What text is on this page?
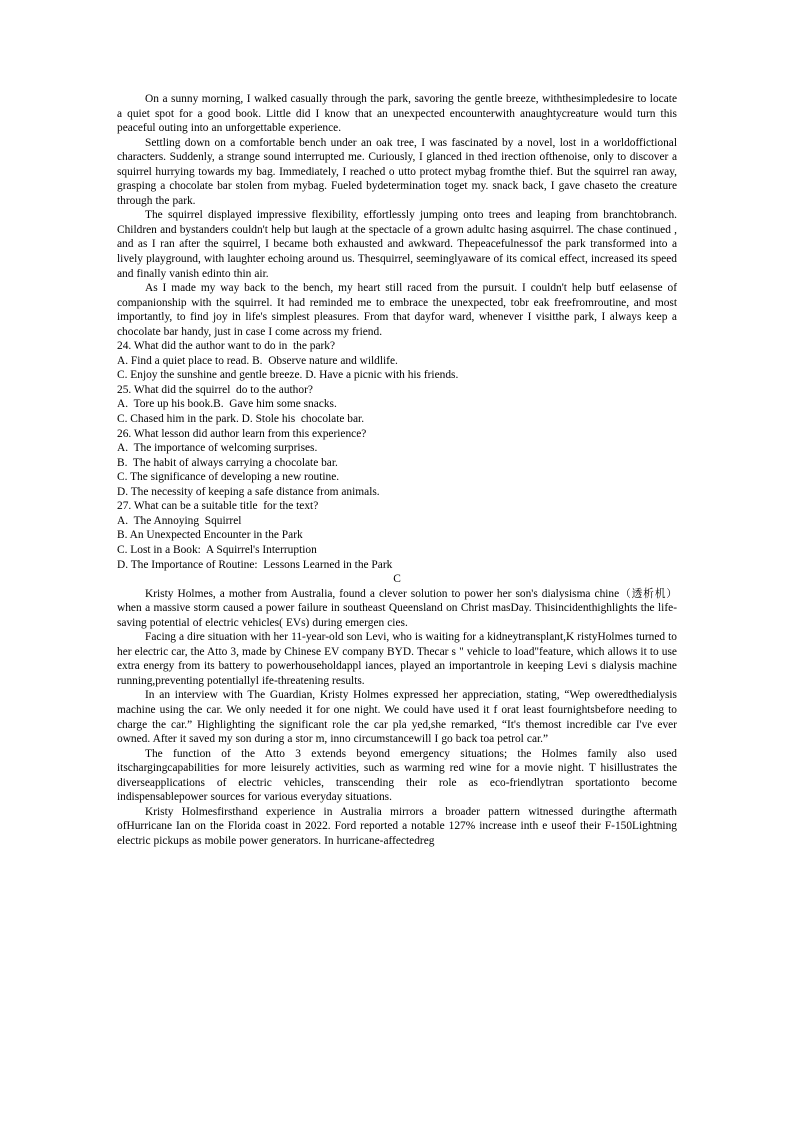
On a sunny morning, I walked casually through the park, savoring the gentle breeze, withthesimpledesire to locate a quiet spot for a good book. Little did I know that an unexpected encounterwith anaughtycreature would turn this peaceful outing into an unforgettable experience.

Settling down on a comfortable bench under an oak tree, I was fascinated by a novel, lost in a worldoffictional characters. Suddenly, a strange sound interrupted me. Curiously, I glanced in thed irection ofthenoise, only to discover a squirrel hurrying towards my bag. Immediately, I reached o utto protect mybag fromthe thief. But the squirrel ran away, grasping a chocolate bar stolen from mybag. Fueled bydetermination toget my. snack back, I gave chaseto the creature through the park.

The squirrel displayed impressive flexibility, effortlessly jumping onto trees and leaping from branchtobranch. Children and bystanders couldn't help but laugh at the spectacle of a grown adultc hasing asquirrel. The chase continued , and as I ran after the squirrel, I became both exhausted and awkward. Thepeacefulnessof the park transformed into a lively playground, with laughter echoing around us. Thesquirrel, seeminglyaware of its comical effect, increased its speed and finally vanish edinto thin air.

As I made my way back to the bench, my heart still raced from the pursuit. I couldn't help butf eelasense of companionship with the squirrel. It had reminded me to embrace the unexpected, tobr eak freefromroutine, and most importantly, to find joy in life's simplest pleasures. From that dayfor ward, whenever I visitthe park, I always keep a chocolate bar handy, just in case I come across my friend.

24. What did the author want to do in  the park?

A. Find a quiet place to read. B.  Observe nature and wildlife.

C. Enjoy the sunshine and gentle breeze. D. Have a picnic with his friends.

25. What did the squirrel  do to the author?

A.  Tore up his book.B.  Gave him some snacks.

C. Chased him in the park. D. Stole his  chocolate bar.

26. What lesson did author learn from this experience?

A.  The importance of welcoming surprises.

B.  The habit of always carrying a chocolate bar.

C. The significance of developing a new routine.

D. The necessity of keeping a safe distance from animals.

27. What can be a suitable title  for the text?

A.  The Annoying  Squirrel

B. An Unexpected Encounter in the Park

C. Lost in a Book:  A Squirrel's Interruption

D. The Importance of Routine:  Lessons Learned in the Park

C

Kristy Holmes, a mother from Australia, found a clever solution to power her son's dialysisma chine（透析机） when a massive storm caused a power failure in southeast Queensland on Christ masDay. Thisincidenthighlights the life-saving potential of electric vehicles( EVs) during emergen cies.

Facing a dire situation with her 11-year-old son Levi, who is waiting for a kidneytransplant,K ristyHolmes turned to her electric car, the Atto 3, made by Chinese EV company BYD. Thecar s " vehicle to load"feature, which allows it to use extra energy from its battery to powerhouseholdappl iances, played an importantrole in keeping Levi s dialysis machine running,preventing potentiallyl ife-threatening results.

In an interview with The Guardian, Kristy Holmes expressed her appreciation, stating, “Wep oweredthedialysis machine using the car. We only needed it for one night. We could have used it f orat least fournightsbefore needing to charge the car.” Highlighting the significant role the car pla yed,she remarked, “It's themost incredible car I've ever owned. After it saved my son during a stor m, inno circumstancewill I go back toa petrol car.”

The function of the Atto 3 extends beyond emergency situations; the Holmes family also used itschargingcapabilities for more leisurely activities, such as warming red wine for a movie night. T hisillustrates the diverseapplications of electric vehicles, transcending their role as eco-friendlytran sportationto become indispensablepower sources for various everyday situations.

Kristy Holmesfirsthand experience in Australia mirrors a broader pattern witnessed duringthe aftermath ofHurricane Ian on the Florida coast in 2022. Ford reported a notable 127% increase inth e useof their F-150Lightning electric pickups as mobile power generators. In hurricane-affectedreg
